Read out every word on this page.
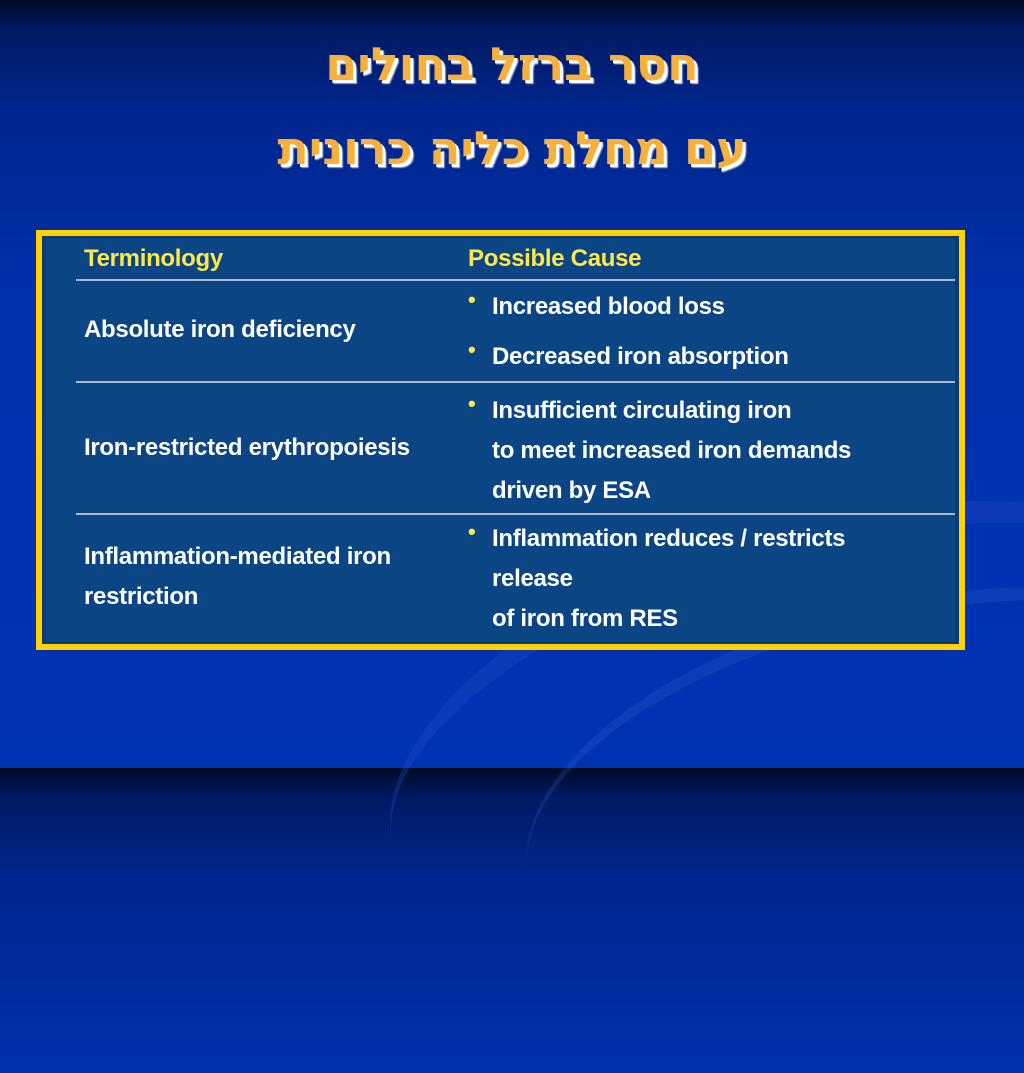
חסר ברזל בחולים
עם מחלת כליה כרונית
Terminology	Possible Cause
Absolute iron deficiency
• Increased blood loss
• Decreased iron absorption
Iron-restricted erythropoiesis
• Insufficient circulating iron
to meet increased iron demands
driven by ESA
Inflammation-mediated iron
restriction
• Inflammation reduces / restricts
release
of iron from RES
